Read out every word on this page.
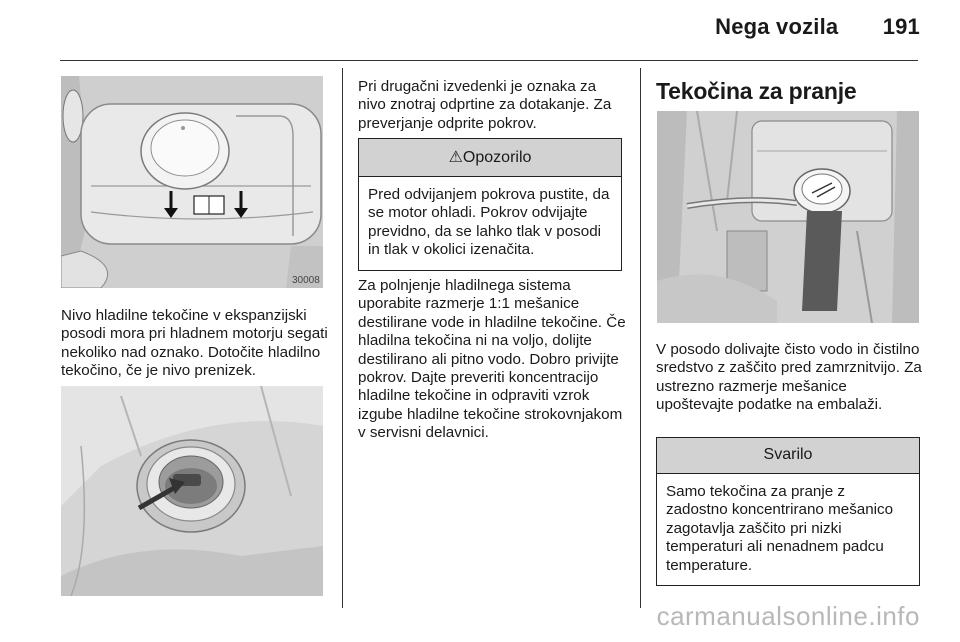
Nega vozila 191
30008

Nivo hladilne tekočine v ekspanzijski posodi mora pri hladnem motorju segati nekoliko nad oznako. Dotočite hladilno tekočino, če je nivo prenizek.

Pri drugačni izvedenki je oznaka za nivo znotraj odprtine za dotakanje. Za preverjanje odprite pokrov.

⚠Opozorilo
Pred odvijanjem pokrova pustite, da se motor ohladi. Pokrov odvijajte previdno, da se lahko tlak v posodi in tlak v okolici izenačita.

Za polnjenje hladilnega sistema uporabite razmerje 1:1 mešanice destilirane vode in hladilne tekočine. Če hladilna tekočina ni na voljo, dolijte destilirano ali pitno vodo. Dobro privijte pokrov. Dajte preveriti koncentracijo hladilne tekočine in odpraviti vzrok izgube hladilne tekočine strokovnjakom v servisni delavnici.

Tekočina za pranje

V posodo dolivajte čisto vodo in čistilno sredstvo z zaščito pred zamrznitvijo. Za ustrezno razmerje mešanice upoštevajte podatke na embalaži.

Svarilo
Samo tekočina za pranje z zadostno koncentrirano mešanico zagotavlja zaščito pri nizki temperaturi ali nenadnem padcu temperature.
carmanualsonline.info
